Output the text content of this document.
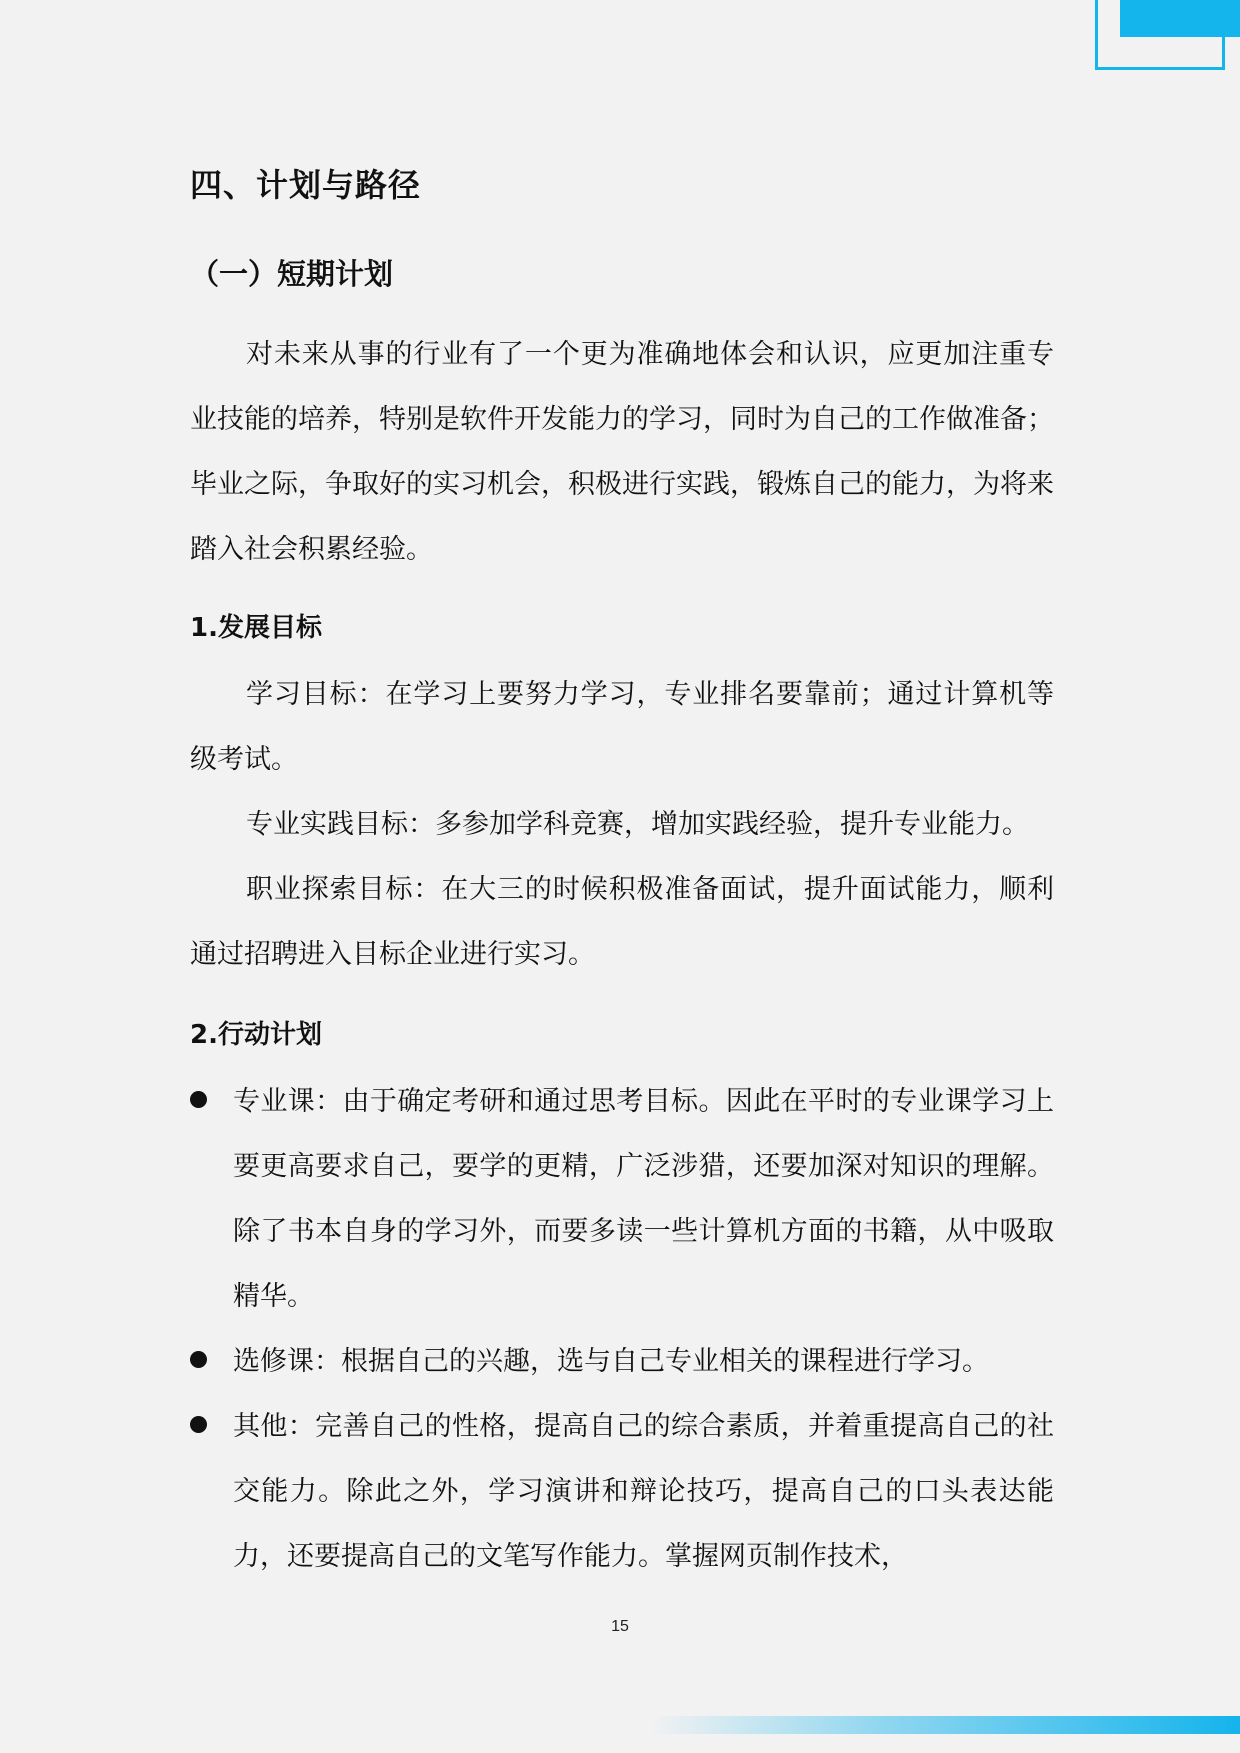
四、计划与路径
（一）短期计划

对未来从事的行业有了一个更为准确地体会和认识，应更加注重专业技能的培养，特别是软件开发能力的学习，同时为自己的工作做准备；毕业之际，争取好的实习机会，积极进行实践，锻炼自己的能力，为将来踏入社会积累经验。

1.发展目标

学习目标：在学习上要努力学习，专业排名要靠前；通过计算机等级考试。

专业实践目标：多参加学科竞赛，增加实践经验，提升专业能力。

职业探索目标：在大三的时候积极准备面试，提升面试能力，顺利通过招聘进入目标企业进行实习。

2.行动计划
专业课：由于确定考研和通过思考目标。因此在平时的专业课学习上要更高要求自己，要学的更精，广泛涉猎，还要加深对知识的理解。除了书本自身的学习外，而要多读一些计算机方面的书籍，从中吸取精华。
选修课：根据自己的兴趣，选与自己专业相关的课程进行学习。
其他：完善自己的性格，提高自己的综合素质，并着重提高自己的社交能力。除此之外，学习演讲和辩论技巧，提高自己的口头表达能力，还要提高自己的文笔写作能力。掌握网页制作技术，
15
